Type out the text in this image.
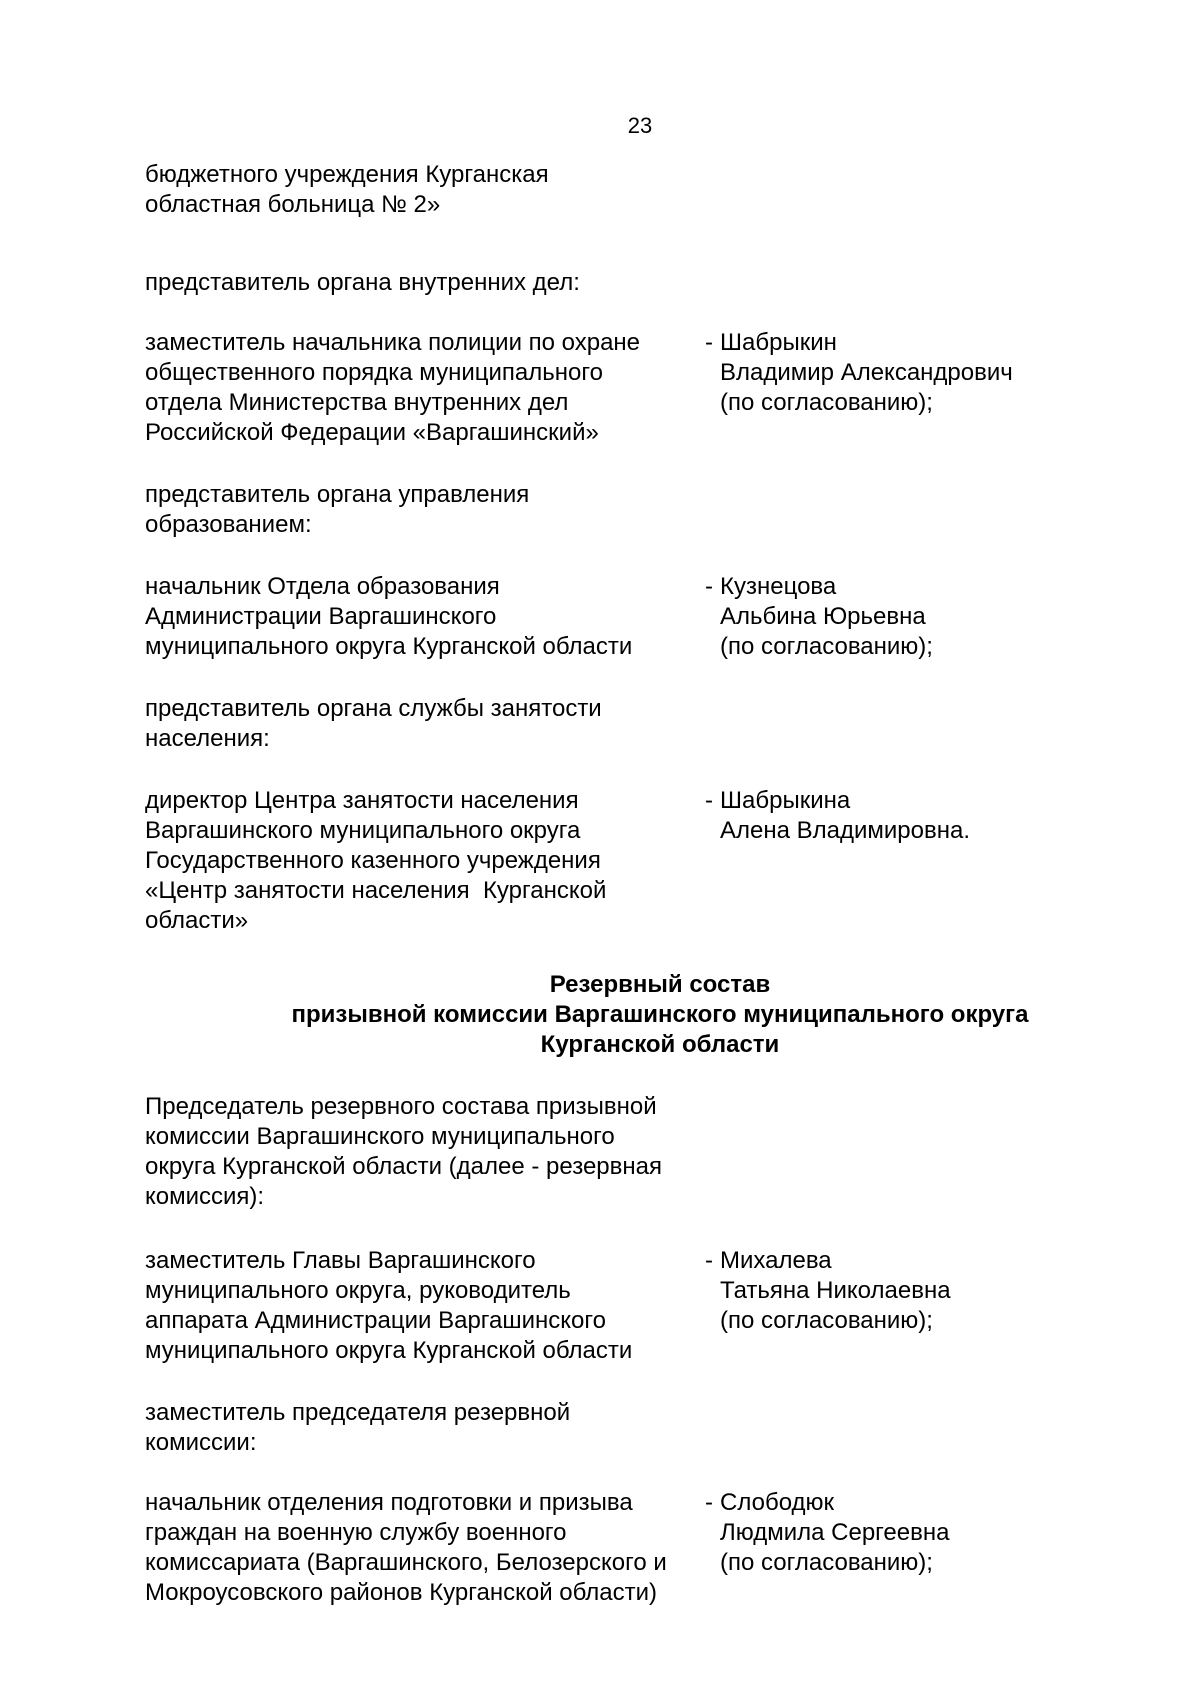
23
бюджетного учреждения Курганская
областная больница № 2»
представитель органа внутренних дел:
заместитель начальника полиции по охране
общественного порядка муниципального
отдела Министерства внутренних дел
Российской Федерации «Варгашинский»
- Шабрыкин
Владимир Александрович
(по согласованию);
представитель органа управления
образованием:
начальник Отдела образования
Администрации Варгашинского
муниципального округа Курганской области
- Кузнецова
Альбина Юрьевна
(по согласованию);
представитель органа службы занятости
населения:
директор Центра занятости населения
Варгашинского муниципального округа
Государственного казенного учреждения
«Центр занятости населения  Курганской
области»
- Шабрыкина
Алена Владимировна.
Резервный состав
призывной комиссии Варгашинского муниципального округа
Курганской области
Председатель резервного состава призывной
комиссии Варгашинского муниципального
округа Курганской области (далее - резервная
комиссия):
заместитель Главы Варгашинского
муниципального округа, руководитель
аппарата Администрации Варгашинского
муниципального округа Курганской области
- Михалева
Татьяна Николаевна
(по согласованию);
заместитель председателя резервной
комиссии:
начальник отделения подготовки и призыва
граждан на военную службу военного
комиссариата (Варгашинского, Белозерского и
Мокроусовского районов Курганской области)
- Слободюк
Людмила Сергеевна
(по согласованию);
